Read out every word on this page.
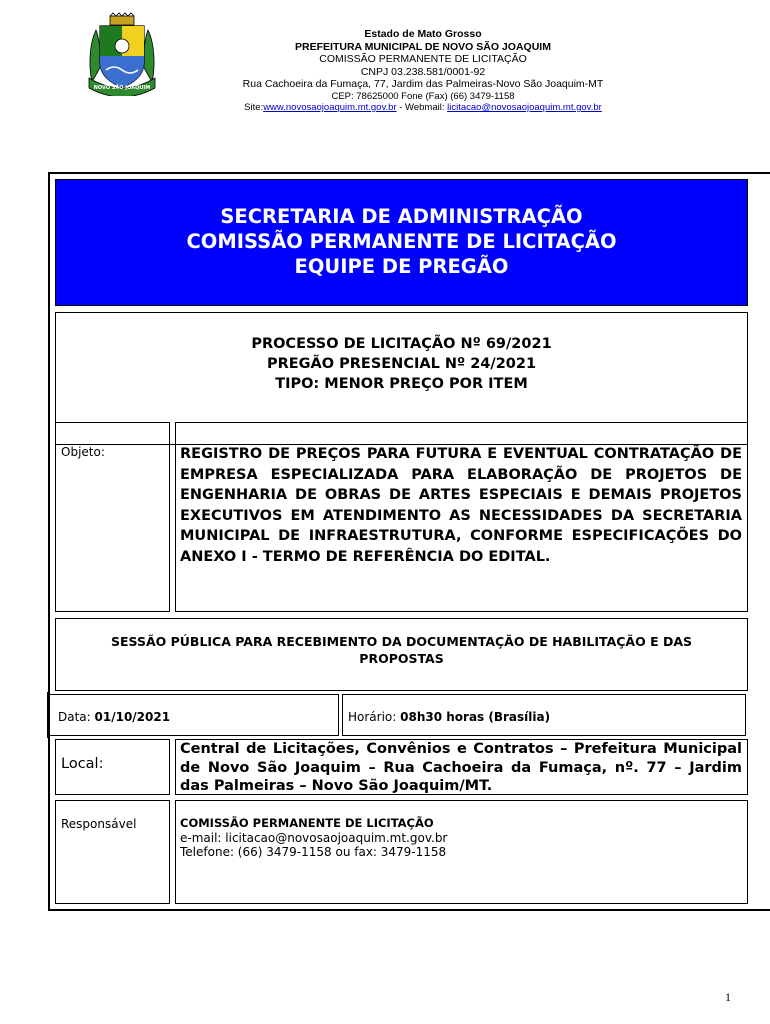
NOVO SÃO JOAQUIM
Estado de Mato Grosso
PREFEITURA MUNICIPAL DE NOVO SÃO JOAQUIM
COMISSÃO PERMANENTE DE LICITAÇÃO
CNPJ 03.238.581/0001-92
Rua Cachoeira da Fumaça, 77, Jardim das Palmeiras-Novo São Joaquim-MT
CEP: 78625000 Fone (Fax) (66) 3479-1158
Site:www.novosaojoaquim.mt.gov.br - Webmail: licitacao@novosaojoaquim.mt.gov.br
SECRETARIA DE ADMINISTRAÇÃO
COMISSÃO PERMANENTE DE LICITAÇÃO
EQUIPE DE PREGÃO
PROCESSO DE LICITAÇÃO Nº 69/2021
PREGÃO PRESENCIAL Nº 24/2021
TIPO: MENOR PREÇO POR ITEM
Objeto:	REGISTRO DE PREÇOS PARA FUTURA E EVENTUAL CONTRATAÇÃO DE EMPRESA ESPECIALIZADA PARA ELABORAÇÃO DE PROJETOS DE ENGENHARIA DE OBRAS DE ARTES ESPECIAIS E DEMAIS PROJETOS EXECUTIVOS EM ATENDIMENTO AS NECESSIDADES DA SECRETARIA MUNICIPAL DE INFRAESTRUTURA, CONFORME ESPECIFICAÇÕES DO ANEXO I - TERMO DE REFERÊNCIA DO EDITAL.
SESSÃO PÚBLICA PARA RECEBIMENTO DA DOCUMENTAÇÃO DE HABILITAÇÃO E DAS PROPOSTAS
Data: 01/10/2021	Horário: 08h30 horas (Brasília)
Local:
Central de Licitações, Convênios e Contratos – Prefeitura Municipal de Novo São Joaquim – Rua Cachoeira da Fumaça, nº. 77 – Jardim das Palmeiras – Novo São Joaquim/MT.
Responsável	COMISSÃO PERMANENTE DE LICITAÇÃO
e-mail: licitacao@novosaojoaquim.mt.gov.br
Telefone: (66) 3479-1158 ou fax: 3479-1158
1
